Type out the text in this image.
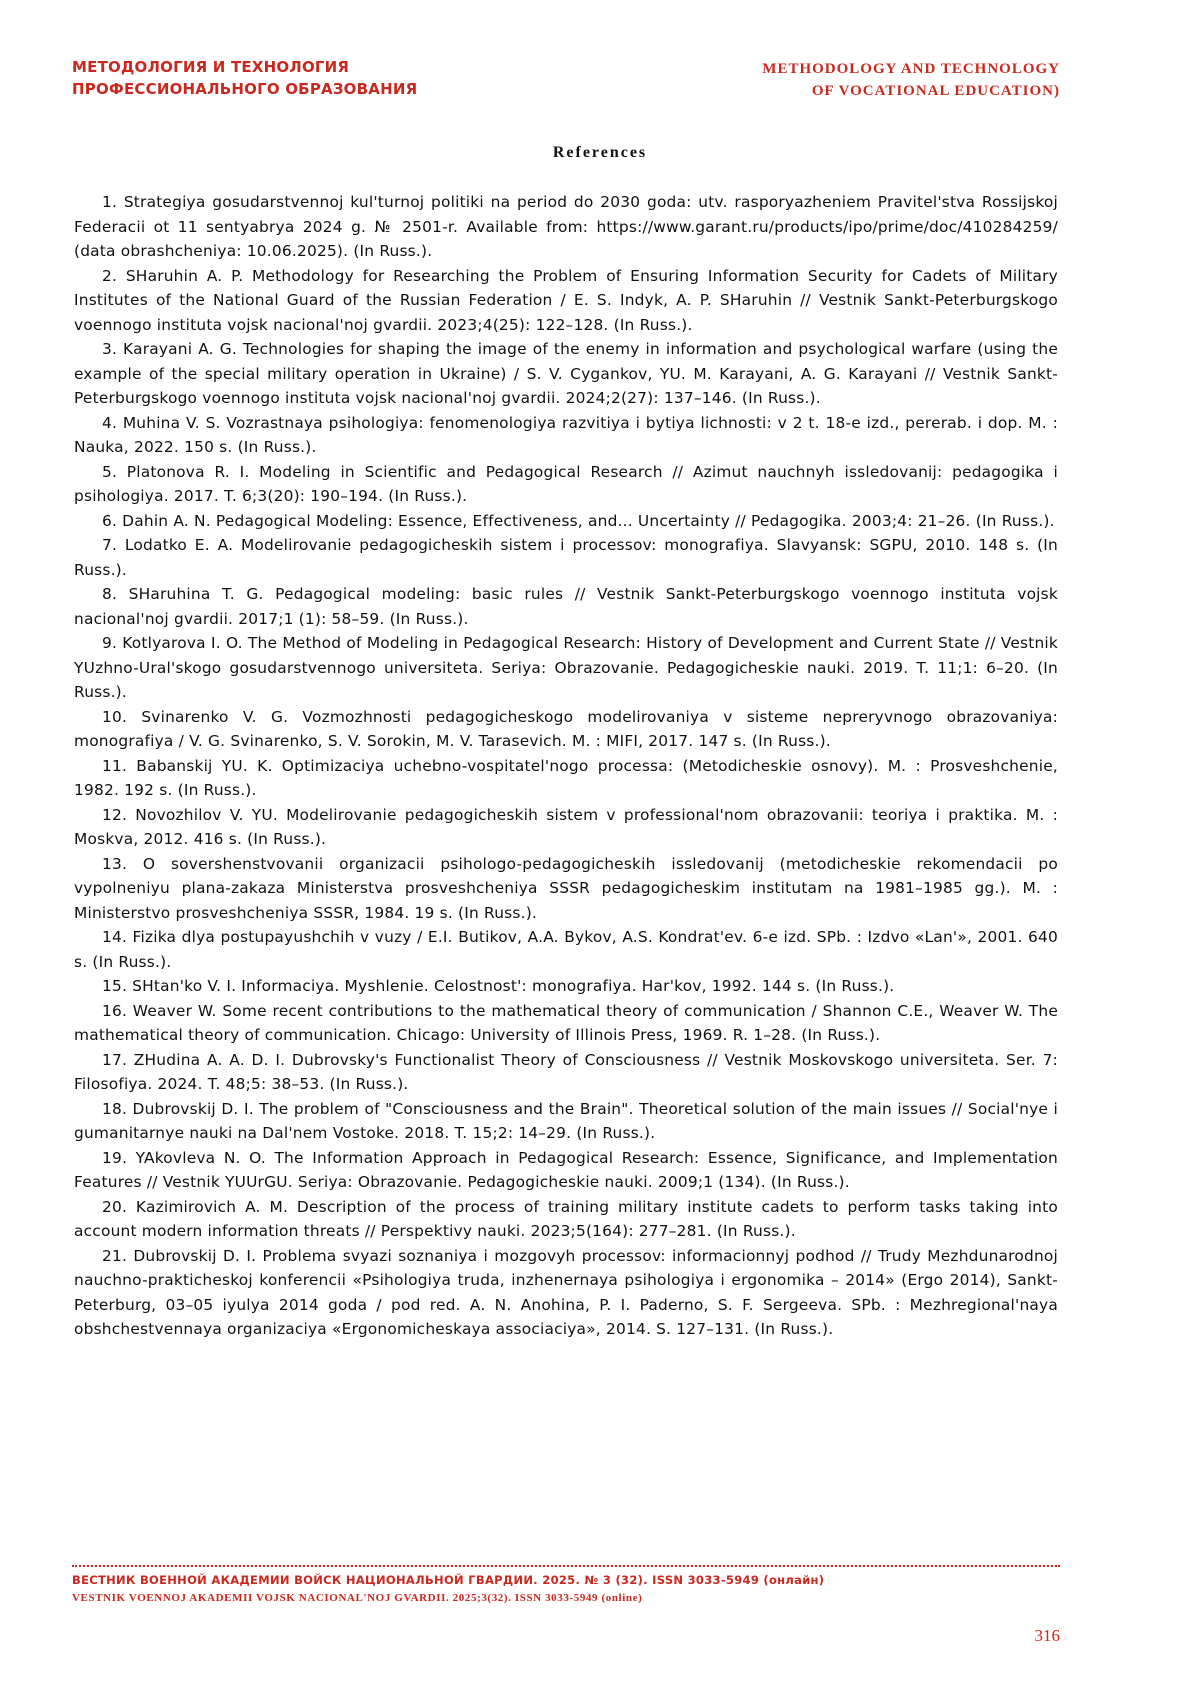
МЕТОДОЛОГИЯ И ТЕХНОЛОГИЯ
ПРОФЕССИОНАЛЬНОГО ОБРАЗОВАНИЯ
METHODOLOGY AND TECHNOLOGY
OF VOCATIONAL EDUCATION)
References

1. Strategiya gosudarstvennoj kul'turnoj politiki na period do 2030 goda: utv. rasporyazheniem Pravitel'stva Rossijskoj Federacii ot 11 sentyabrya 2024 g. № 2501-r. Available from: https://www.garant.ru/products/ipo/prime/doc/410284259/ (data obrashcheniya: 10.06.2025). (In Russ.).

2. SHaruhin A. P. Methodology for Researching the Problem of Ensuring Information Security for Cadets of Military Institutes of the National Guard of the Russian Federation / E. S. Indyk, A. P. SHaruhin // Vestnik Sankt-Peterburgskogo voennogo instituta vojsk nacional'noj gvardii. 2023;4(25): 122–128. (In Russ.).

3. Karayani A. G. Technologies for shaping the image of the enemy in information and psychological warfare (using the example of the special military operation in Ukraine) / S. V. Cygankov, YU. M. Karayani, A. G. Karayani // Vestnik Sankt-Peterburgskogo voennogo instituta vojsk nacional'noj gvardii. 2024;2(27): 137–146. (In Russ.).

4. Muhina V. S. Vozrastnaya psihologiya: fenomenologiya razvitiya i bytiya lichnosti: v 2 t. 18-e izd., pererab. i dop. M. : Nauka, 2022. 150 s. (In Russ.).

5. Platonova R. I. Modeling in Scientific and Pedagogical Research // Azimut nauchnyh issledovanij: pedagogika i psihologiya. 2017. T. 6;3(20): 190–194. (In Russ.).

6. Dahin A. N. Pedagogical Modeling: Essence, Effectiveness, and... Uncertainty // Pedagogika. 2003;4: 21–26. (In Russ.).

7. Lodatko E. A. Modelirovanie pedagogicheskih sistem i processov: monografiya. Slavyansk: SGPU, 2010. 148 s. (In Russ.).

8. SHaruhina T. G. Pedagogical modeling: basic rules // Vestnik Sankt-Peterburgskogo voennogo instituta vojsk nacional'noj gvardii. 2017;1 (1): 58–59. (In Russ.).

9. Kotlyarova I. O. The Method of Modeling in Pedagogical Research: History of Development and Current State // Vestnik YUzhno-Ural'skogo gosudarstvennogo universiteta. Seriya: Obrazovanie. Pedagogicheskie nauki. 2019. T. 11;1: 6–20. (In Russ.).

10. Svinarenko V. G. Vozmozhnosti pedagogicheskogo modelirovaniya v sisteme nepreryvnogo obrazovaniya: monografiya / V. G. Svinarenko, S. V. Sorokin, M. V. Tarasevich. M. : MIFI, 2017. 147 s. (In Russ.).

11. Babanskij YU. K. Optimizaciya uchebno-vospitatel'nogo processa: (Metodicheskie osnovy). M. : Prosveshchenie, 1982. 192 s. (In Russ.).

12. Novozhilov V. YU. Modelirovanie pedagogicheskih sistem v professional'nom obrazovanii: teoriya i praktika. M. : Moskva, 2012. 416 s. (In Russ.).

13. O sovershenstvovanii organizacii psihologo-pedagogicheskih issledovanij (metodicheskie rekomendacii po vypolneniyu plana-zakaza Ministerstva prosveshcheniya SSSR pedagogicheskim institutam na 1981–1985 gg.). M. : Ministerstvo prosveshcheniya SSSR, 1984. 19 s. (In Russ.).

14. Fizika dlya postupayushchih v vuzy / E.I. Butikov, A.A. Bykov, A.S. Kondrat'ev. 6-e izd. SPb. : Izdvo «Lan'», 2001. 640 s. (In Russ.).

15. SHtan'ko V. I. Informaciya. Myshlenie. Celostnost': monografiya. Har'kov, 1992. 144 s. (In Russ.).

16. Weaver W. Some recent contributions to the mathematical theory of communication / Shannon C.E., Weaver W. The mathematical theory of communication. Chicago: University of Illinois Press, 1969. R. 1–28. (In Russ.).

17. ZHudina A. A. D. I. Dubrovsky's Functionalist Theory of Consciousness // Vestnik Moskovskogo universiteta. Ser. 7: Filosofiya. 2024. T. 48;5: 38–53. (In Russ.).

18. Dubrovskij D. I. The problem of "Consciousness and the Brain". Theoretical solution of the main issues // Social'nye i gumanitarnye nauki na Dal'nem Vostoke. 2018. T. 15;2: 14–29. (In Russ.).

19. YAkovleva N. O. The Information Approach in Pedagogical Research: Essence, Significance, and Implementation Features // Vestnik YUUrGU. Seriya: Obrazovanie. Pedagogicheskie nauki. 2009;1 (134). (In Russ.).

20. Kazimirovich A. M. Description of the process of training military institute cadets to perform tasks taking into account modern information threats // Perspektivy nauki. 2023;5(164): 277–281. (In Russ.).

21. Dubrovskij D. I. Problema svyazi soznaniya i mozgovyh processov: informacionnyj podhod // Trudy Mezhdunarodnoj nauchno-prakticheskoj konferencii «Psihologiya truda, inzhenernaya psihologiya i ergonomika – 2014» (Ergo 2014), Sankt-Peterburg, 03–05 iyulya 2014 goda / pod red. A. N. Anohina, P. I. Paderno, S. F. Sergeeva. SPb. : Mezhregional'naya obshchestvennaya organizaciya «Ergonomicheskaya associaciya», 2014. S. 127–131. (In Russ.).

ВЕСТНИК ВОЕННОЙ АКАДЕМИИ ВОЙСК НАЦИОНАЛЬНОЙ ГВАРДИИ. 2025. № 3 (32). ISSN 3033-5949 (онлайн)
VESTNIK VOENNOJ AKADEMII VOJSK NACIONAL'NOJ GVARDII. 2025;3(32). ISSN 3033-5949 (online)
316
